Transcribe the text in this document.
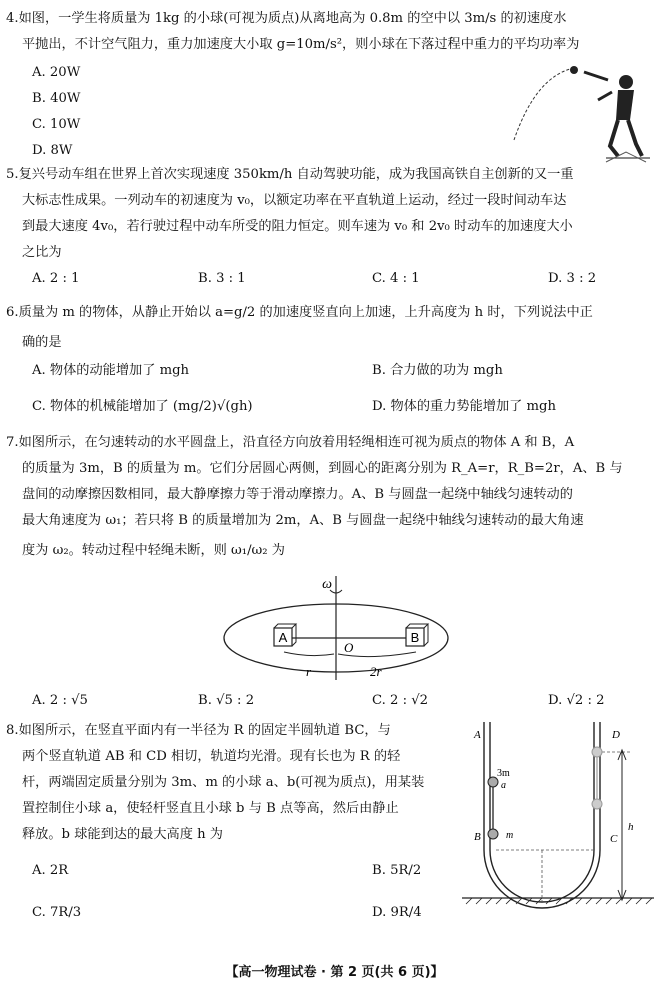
4.如图，一学生将质量为 1kg 的小球(可视为质点)从离地高为 0.8m 的空中以 3m/s 的初速度水
平抛出，不计空气阻力，重力加速度大小取 g=10m/s²，则小球在下落过程中重力的平均功率为
A. 20W
B. 40W
C. 10W
D. 8W
5.复兴号动车组在世界上首次实现速度 350km/h 自动驾驶功能，成为我国高铁自主创新的又一重
大标志性成果。一列动车的初速度为 v₀，以额定功率在平直轨道上运动，经过一段时间动车达
到最大速度 4v₀，若行驶过程中动车所受的阻力恒定。则车速为 v₀ 和 2v₀ 时动车的加速度大小
之比为
A. 2 : 1	B. 3 : 1	C. 4 : 1	D. 3 : 2
6.质量为 m 的物体，从静止开始以 a=g/2 的加速度竖直向上加速，上升高度为 h 时，下列说法中正
确的是
A. 物体的动能增加了 mgh	B. 合力做的功为 mgh
C. 物体的机械能增加了 (mg/2)√(gh)	D. 物体的重力势能增加了 mgh
7.如图所示，在匀速转动的水平圆盘上，沿直径方向放着用轻绳相连可视为质点的物体 A 和 B，A
的质量为 3m，B 的质量为 m。它们分居圆心两侧，到圆心的距离分别为 R_A=r，R_B=2r，A、B 与
盘间的动摩擦因数相同，最大静摩擦力等于滑动摩擦力。A、B 与圆盘一起绕中轴线匀速转动的
最大角速度为 ω₁；若只将 B 的质量增加为 2m，A、B 与圆盘一起绕中轴线匀速转动的最大角速
度为 ω₂。转动过程中轻绳未断，则 ω₁/ω₂ 为
ω
A	B
O
r	2r
A. 2 : √5	B. √5 : 2	C. 2 : √2	D. √2 : 2
8.如图所示，在竖直平面内有一半径为 R 的固定半圆轨道 BC，与
两个竖直轨道 AB 和 CD 相切，轨道均光滑。现有长也为 R 的轻
杆，两端固定质量分别为 3m、m 的小球 a、b(可视为质点)，用某装
置控制住小球 a，使轻杆竖直且小球 b 与 B 点等高，然后由静止
释放。b 球能到达的最大高度 h 为
A. 2R	B. 5R/2
C. 7R/3	D. 9R/4
A
B	C
D
h
3m
a
m
【高一物理试卷 · 第 2 页(共 6 页)】
